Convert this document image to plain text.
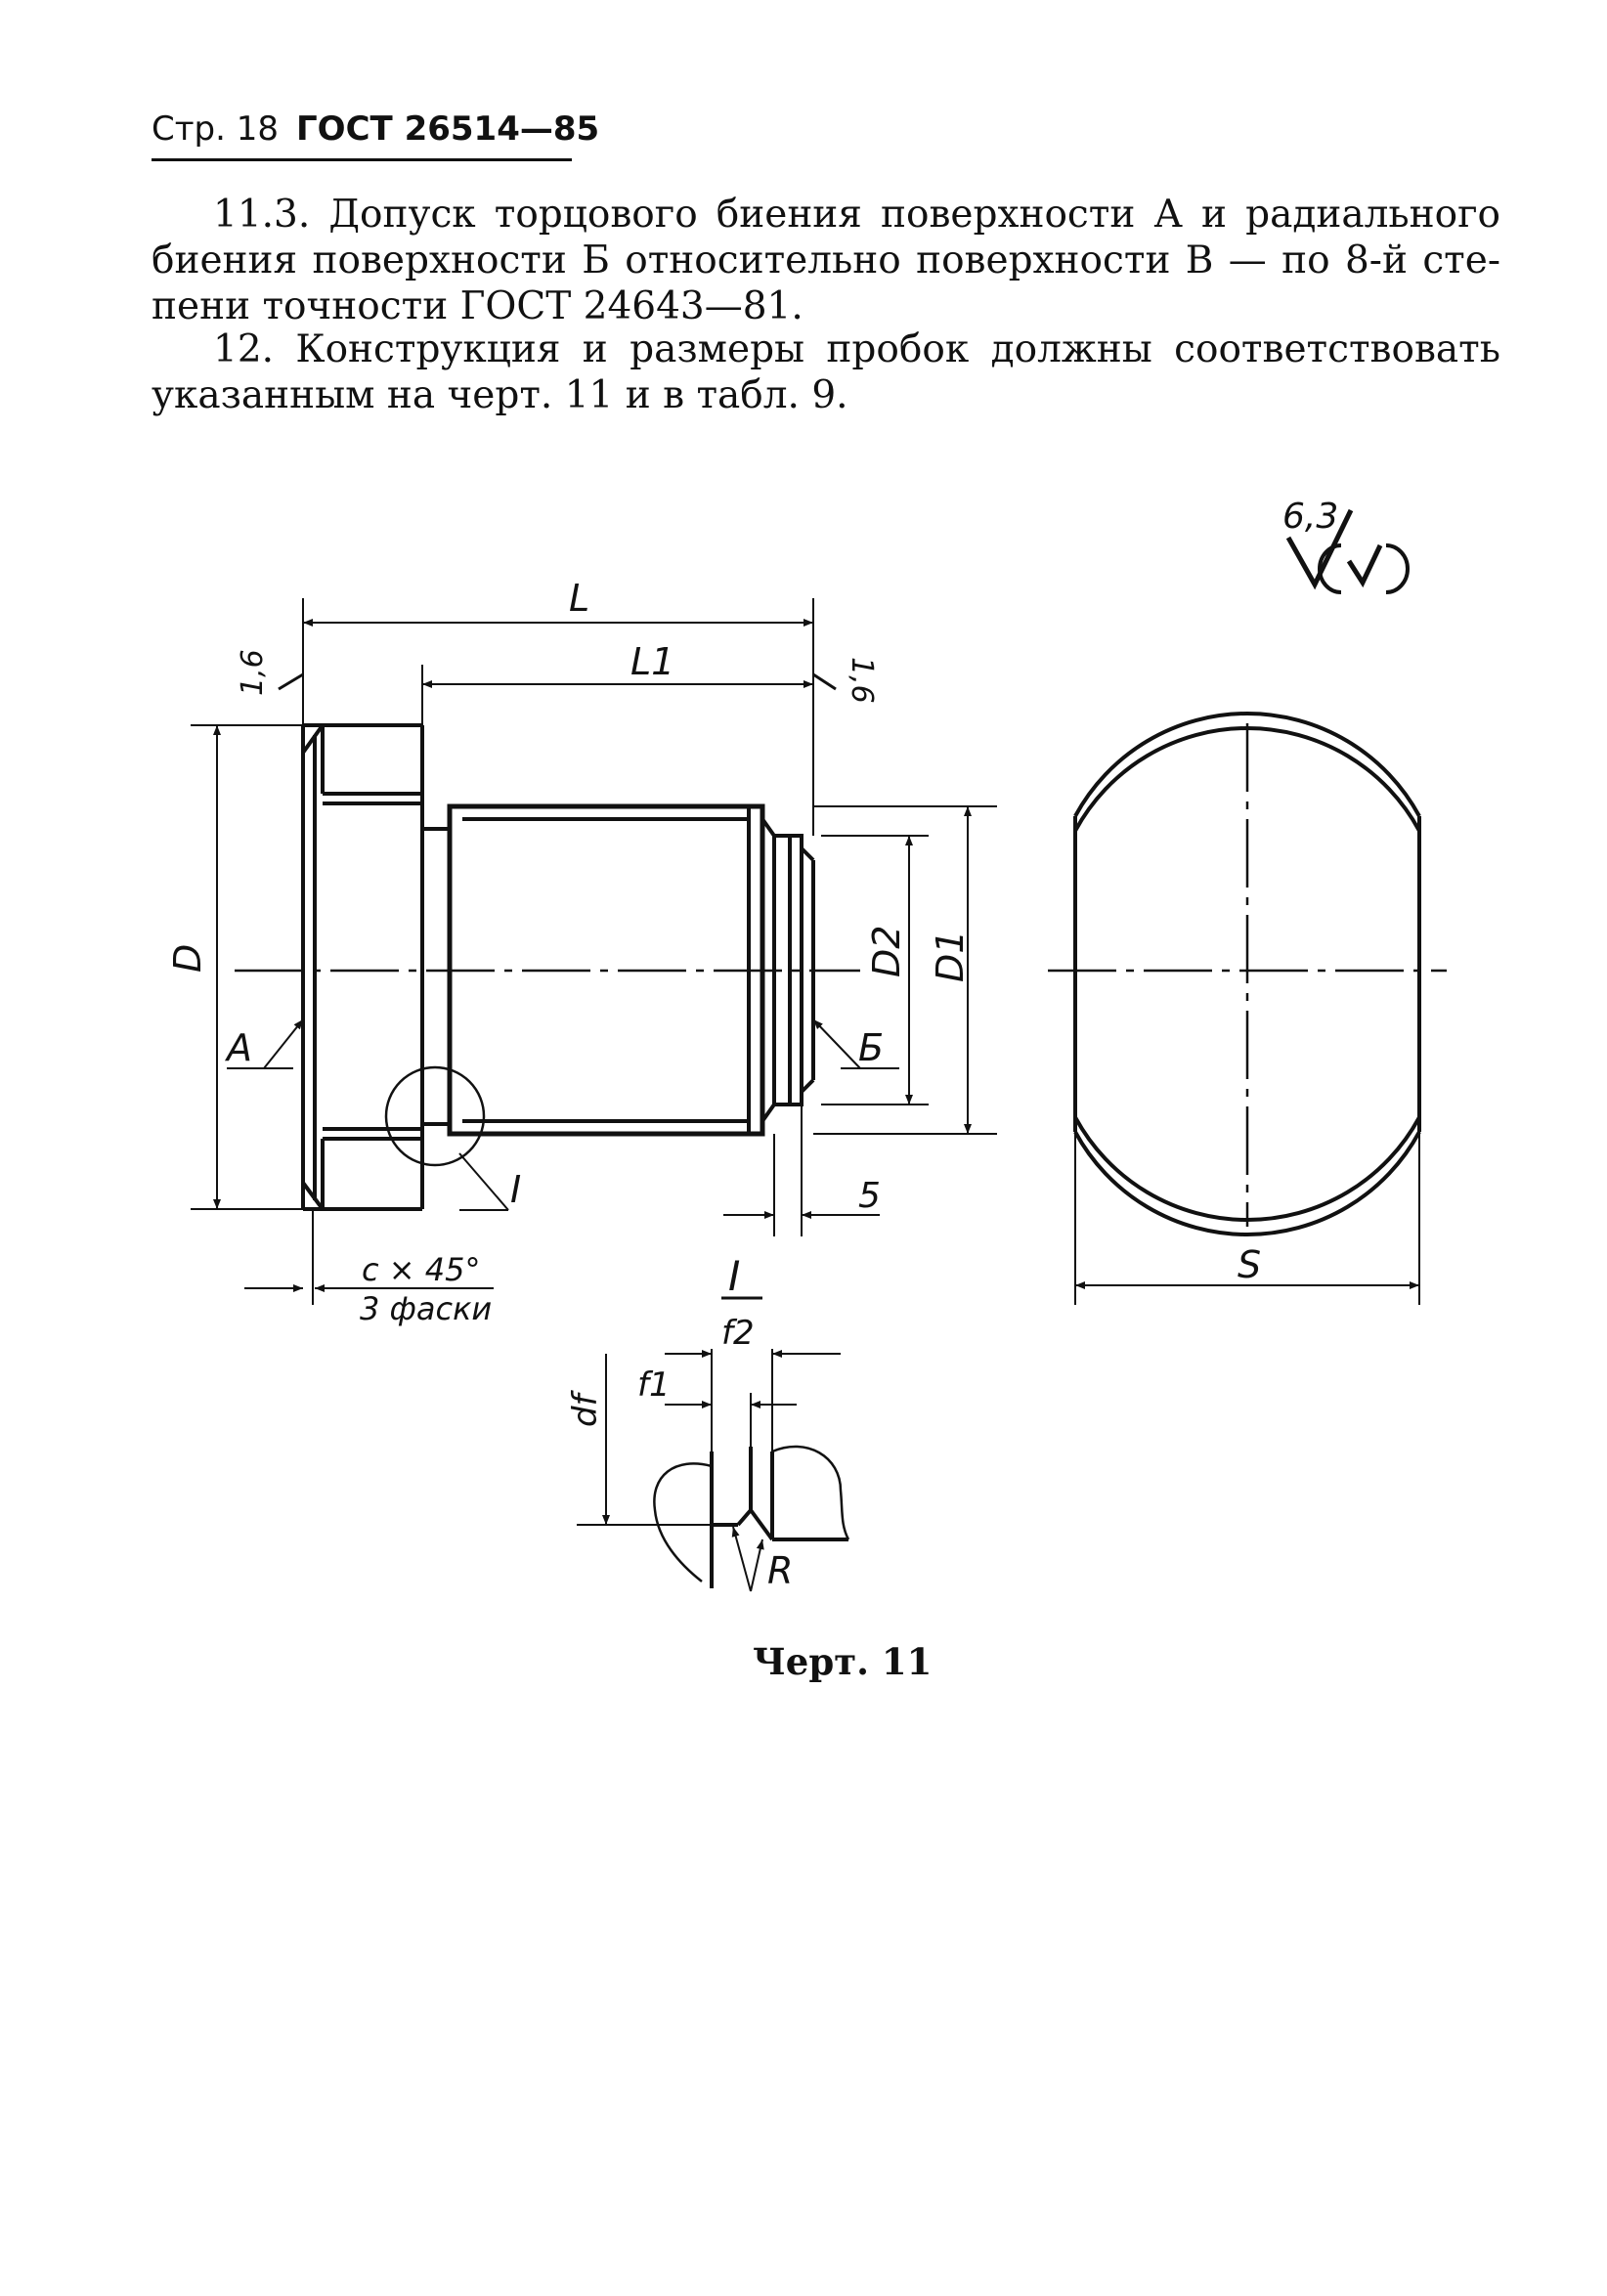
Стр. 18 ГОСТ 26514—85
11.3. Допуск торцового биения поверхности А и радиального
биения поверхности Б относительно поверхности В — по 8-й сте-
пени точности ГОСТ 24643—81.
12. Конструкция и размеры пробок должны соответствовать
указанным на черт. 11 и в табл. 9.
6,3
L
L1
D	D1
D2
5
A	Б
I
c × 45°
3 фаски
1,6	1,6
S
I
f2
f1
df
R
Черт. 11
